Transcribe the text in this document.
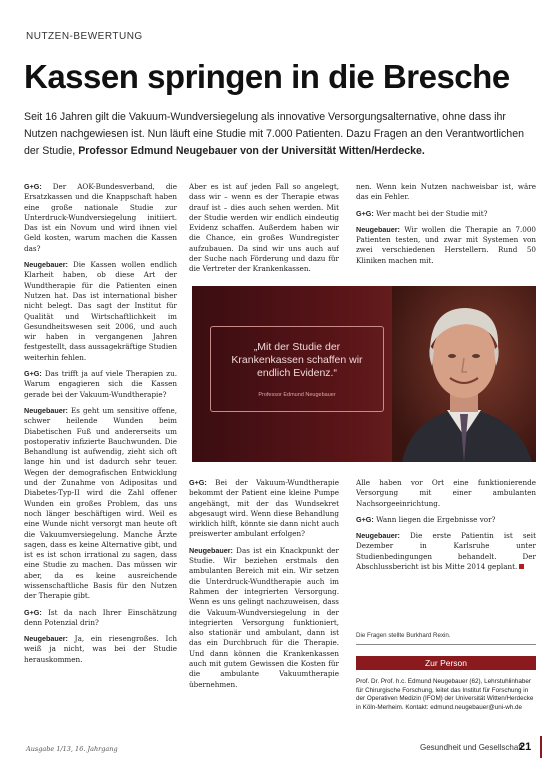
NUTZEN-BEWERTUNG
Kassen springen in die Bresche
Seit 16 Jahren gilt die Vakuum-Wundversiegelung als innovative Versorgungsalternative, ohne dass ihr Nutzen nachgewiesen ist. Nun läuft eine Studie mit 7.000 Patienten. Dazu Fragen an den Verantwortlichen der Studie, Professor Edmund Neugebauer von der Universität Witten/Herdecke.

G+G: Der AOK-Bundesverband, die Ersatzkassen und die Knappschaft haben eine große nationale Studie zur Unterdruck-Wundversiegelung initiiert. Das ist ein Novum und wird ihnen viel Geld kosten, warum machen die Kassen das?

Neugebauer: Die Kassen wollen endlich Klarheit haben, ob diese Art der Wundtherapie für die Patienten einen Nutzen hat. Das ist international bisher nicht belegt. Das sagt der Institut für Qualität und Wirtschaftlichkeit im Gesundheitswesen seit 2006, und auch wir haben in vergangenen Jahren festgestellt, dass aussagekräftige Studien weiterhin fehlen.

G+G: Das trifft ja auf viele Therapien zu. Warum engagieren sich die Kassen gerade bei der Vakuum-Wundtherapie?

Neugebauer: Es geht um sensitive offene, schwer heilende Wunden beim Diabetischen Fuß und andererseits um postoperativ infizierte Bauchwunden. Die Behandlung ist aufwendig, zieht sich oft lange hin und ist dadurch sehr teuer. Wegen der demografischen Entwicklung und der Zunahme von Adipositas und Diabetes-Typ-II wird die Zahl offener Wunden ein großes Problem, das uns noch länger beschäftigen wird. Weil es eine Wunde nicht versorgt man heute oft die Vakuumversiegelung. Manche Ärzte sagen, dass es keine Alternative gibt, und ist es ist schon irrational zu sagen, dass eine Studie zu machen. Das müssen wir aber, da es keine ausreichende wissenschaftliche Basis für den Nutzen der Therapie gibt.

G+G: Ist da nach Ihrer Einschätzung denn Potenzial drin?

Neugebauer: Ja, ein riesengroßes. Ich weiß ja nicht, was bei der Studie herauskommen.

Aber es ist auf jeden Fall so angelegt, dass wir – wenn es der Therapie etwas drauf ist – dies auch sehen werden. Mit der Studie werden wir endlich eindeutig Evidenz schaffen. Außerdem haben wir die Chance, ein großes Wundregister aufzubauen. Da sind wir uns auch auf der Suche nach Förderung und dazu für die Vertreter der Krankenkassen.

nen. Wenn kein Nutzen nachweisbar ist, wäre das ein Fehler.

G+G: Wer macht bei der Studie mit?

Neugebauer: Wir wollen die Therapie an 7.000 Patienten testen, und zwar mit Systemen von zwei verschiedenen Herstellern. Rund 50 Kliniken machen mit.

„Mit der Studie der Krankenkassen schaffen wir endlich Evidenz.“
Professor Edmund Neugebauer

G+G: Bei der Vakuum-Wundtherapie bekommt der Patient eine kleine Pumpe angehängt, mit der das Wundsekret abgesaugt wird. Wenn diese Behandlung wirklich hilft, könnte sie dann nicht auch preiswerter ambulant erfolgen?

Neugebauer: Das ist ein Knackpunkt der Studie. Wir beziehen erstmals den ambulanten Bereich mit ein. Wir setzen die Unterdruck-Wundtherapie auch im Rahmen der integrierten Versorgung. Wenn es uns gelingt nachzuweisen, dass die Vakuum-Wundversiegelung in der integrierten Versorgung funktioniert, also stationär und ambulant, dann ist das ein Durchbruch für die Therapie. Und dann können die Krankenkassen auch mit gutem Gewissen die Kosten für die ambulante Vakuumtherapie übernehmen.

Alle haben vor Ort eine funktionierende Versorgung mit einer ambulanten Nachsorgeeinrichtung.

G+G: Wann liegen die Ergebnisse vor?

Neugebauer: Die erste Patientin ist seit Dezember in Karlsruhe unter Studienbedingungen behandelt. Der Abschlussbericht ist bis Mitte 2014 geplant.

Die Fragen stellte Burkhard Rexin.
Zur Person
Prof. Dr. Prof. h.c. Edmund Neugebauer (62), Lehrstuhlinhaber für Chirurgische Forschung, leitet das Institut für Forschung in der Operativen Medizin (IFOM) der Universität Witten/Herdecke in Köln-Merheim. Kontakt: edmund.neugebauer@uni-wh.de
Ausgabe 1/13, 16. Jahrgang	Gesundheit und Gesellschaft
21
